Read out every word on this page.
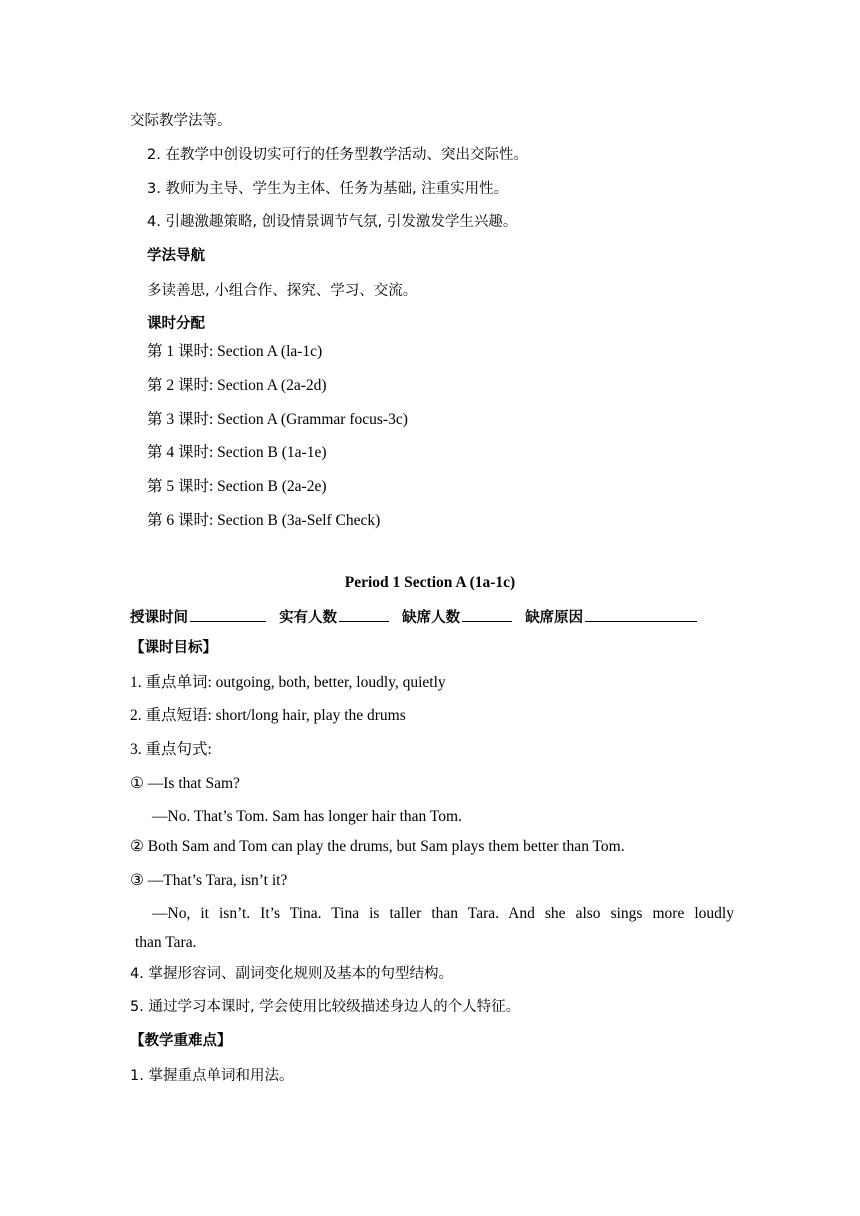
交际教学法等。
2. 在教学中创设切实可行的任务型教学活动、突出交际性。
3. 教师为主导、学生为主体、任务为基础, 注重实用性。
4. 引趣激趣策略, 创设情景调节气氛, 引发激发学生兴趣。
学法导航
多读善思, 小组合作、探究、学习、交流。
课时分配
第 1 课时: Section A (la-1c)
第 2 课时: Section A (2a-2d)
第 3 课时: Section A (Grammar focus-3c)
第 4 课时: Section B (1a-1e)
第 5 课时: Section B (2a-2e)
第 6 课时: Section B (3a-Self Check)
Period 1 Section A (1a-1c)
授课时间	实有人数	缺席人数	缺席原因
【课时目标】
1. 重点单词: outgoing, both, better, loudly, quietly
2. 重点短语: short/long hair, play the drums
3. 重点句式:
① —Is that Sam?
—No. That’s Tom. Sam has longer hair than Tom.
② Both Sam and Tom can play the drums, but Sam plays them better than Tom.
③ —That’s Tara, isn’t it?
—No, it isn’t. It’s Tina. Tina is taller than Tara. And she also sings more loudly
than Tara.
4. 掌握形容词、副词变化规则及基本的句型结构。
5. 通过学习本课时, 学会使用比较级描述身边人的个人特征。
【教学重难点】
1. 掌握重点单词和用法。
